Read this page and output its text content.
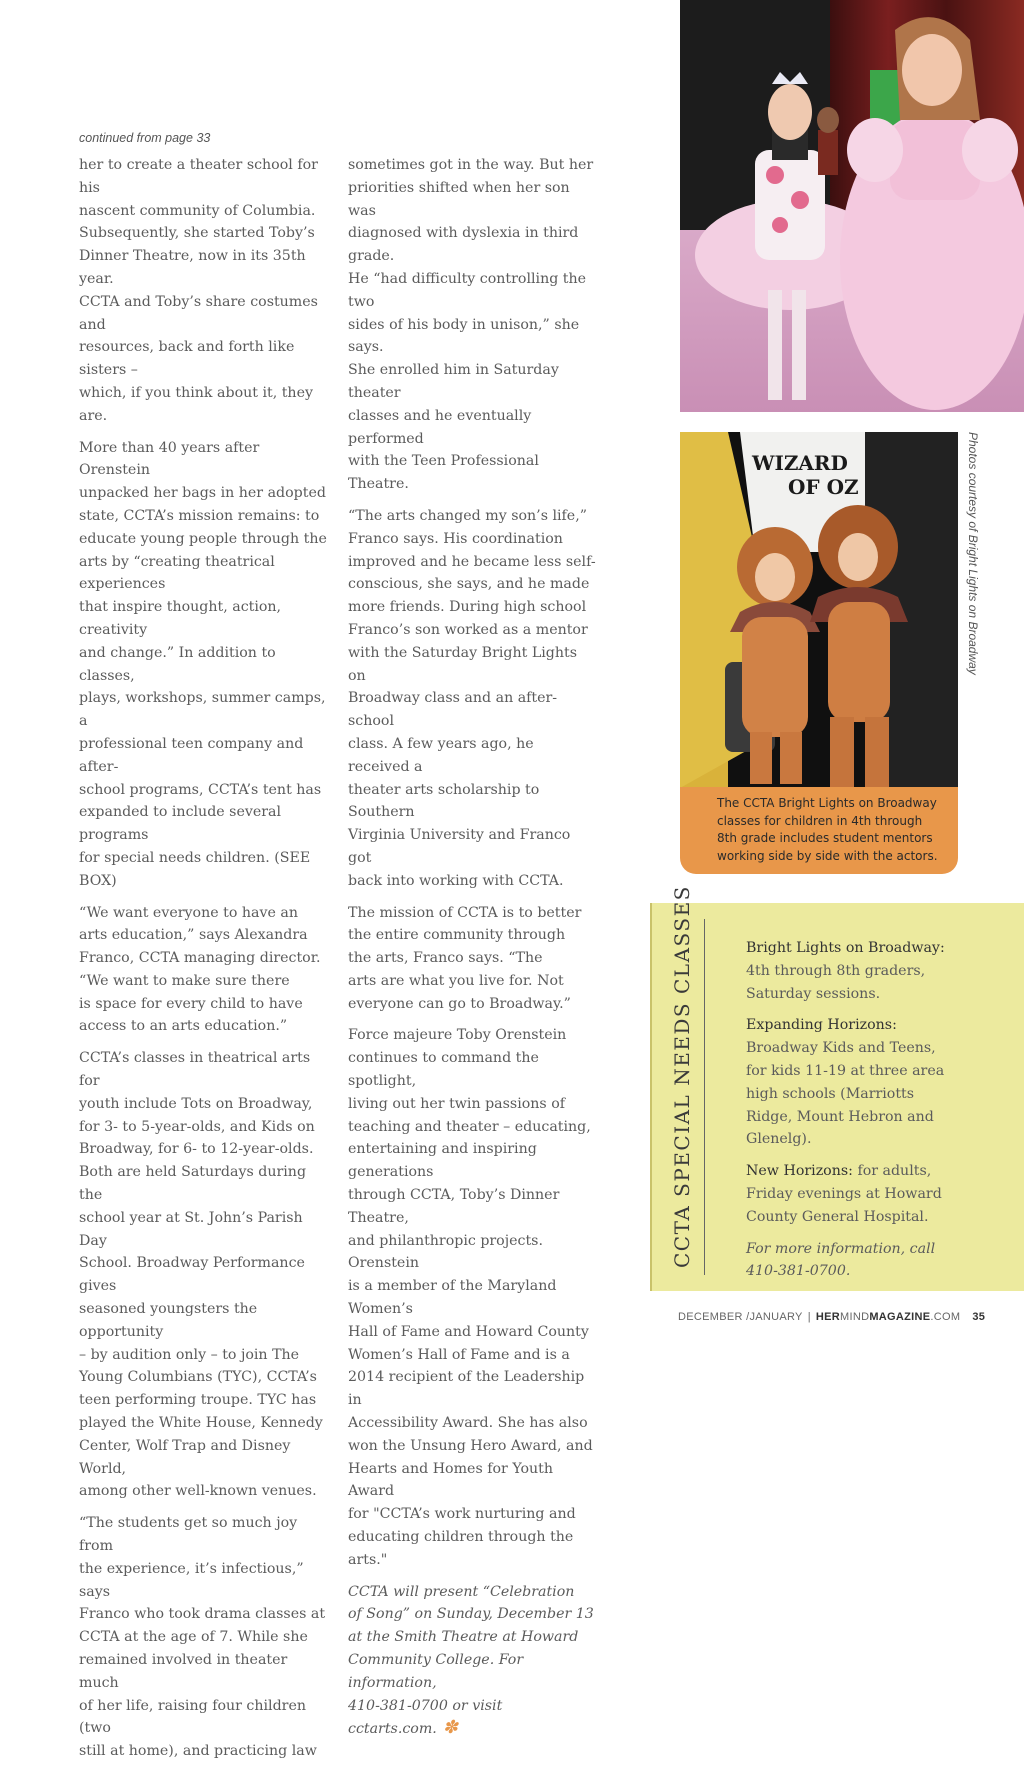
continued from page 33

her to create a theater school for his
nascent community of Columbia.
Subsequently, she started Toby’s
Dinner Theatre, now in its 35th year.
CCTA and Toby’s share costumes and
resources, back and forth like sisters –
which, if you think about it, they are.

More than 40 years after Orenstein
unpacked her bags in her adopted
state, CCTA’s mission remains: to
educate young people through the
arts by “creating theatrical experiences
that inspire thought, action, creativity
and change.” In addition to classes,
plays, workshops, summer camps, a
professional teen company and after-
school programs, CCTA’s tent has
expanded to include several programs
for special needs children. (SEE BOX)

“We want everyone to have an
arts education,” says Alexandra
Franco, CCTA managing director.
“We want to make sure there
is space for every child to have
access to an arts education.”

CCTA’s classes in theatrical arts for
youth include Tots on Broadway,
for 3- to 5-year-olds, and Kids on
Broadway, for 6- to 12-year-olds.
Both are held Saturdays during the
school year at St. John’s Parish Day
School. Broadway Performance gives
seasoned youngsters the opportunity
– by audition only – to join The
Young Columbians (TYC), CCTA’s
teen performing troupe. TYC has
played the White House, Kennedy
Center, Wolf Trap and Disney World,
among other well-known venues.

“The students get so much joy from
the experience, it’s infectious,” says
Franco who took drama classes at
CCTA at the age of 7. While she
remained involved in theater much
of her life, raising four children (two
still at home), and practicing law

sometimes got in the way. But her
priorities shifted when her son was
diagnosed with dyslexia in third grade.
He “had difficulty controlling the two
sides of his body in unison,” she says.
She enrolled him in Saturday theater
classes and he eventually performed
with the Teen Professional Theatre.

“The arts changed my son’s life,”
Franco says. His coordination
improved and he became less self-
conscious, she says, and he made
more friends. During high school
Franco’s son worked as a mentor
with the Saturday Bright Lights on
Broadway class and an after-school
class. A few years ago, he received a
theater arts scholarship to Southern
Virginia University and Franco got
back into working with CCTA.

The mission of CCTA is to better
the entire community through
the arts, Franco says. “The
arts are what you live for. Not
everyone can go to Broadway.”

Force majeure Toby Orenstein
continues to command the spotlight,
living out her twin passions of
teaching and theater – educating,
entertaining and inspiring generations
through CCTA, Toby’s Dinner Theatre,
and philanthropic projects. Orenstein
is a member of the Maryland Women’s
Hall of Fame and Howard County
Women’s Hall of Fame and is a
2014 recipient of the Leadership in
Accessibility Award. She has also
won the Unsung Hero Award, and
Hearts and Homes for Youth Award
for "CCTA’s work nurturing and
educating children through the arts."

CCTA will present “Celebration
of Song” on Sunday, December 13
at the Smith Theatre at Howard
Community College. For information,
410-381-0700 or visit cctarts.com. ✽

WIZARD
OF OZ	Photos courtesy of Bright Lights on Broadway
The CCTA Bright Lights on Broadway
classes for children in 4th through
8th grade includes student mentors
working side by side with the actors.
CCTA SPECIAL NEEDS CLASSES	Bright Lights on Broadway:
4th through 8th graders, Saturday sessions.

Expanding Horizons:
Broadway Kids and Teens, for kids 11-19 at three area high schools (Marriotts Ridge, Mount Hebron and Glenelg).

New Horizons: for adults, Friday evenings at Howard County General Hospital.

For more information, call 410-381-0700.

DECEMBER /JANUARY | HERMINDMAGAZINE.COM 35
